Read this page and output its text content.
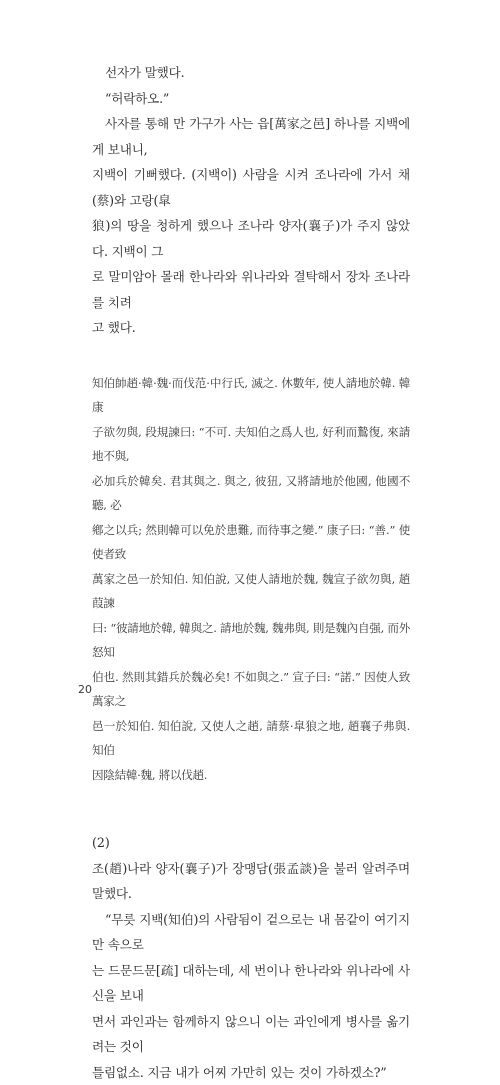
선자가 말했다.

“허락하오.”

사자를 통해 만 가구가 사는 읍[萬家之邑] 하나를 지백에게 보내니,

지백이 기뻐했다. (지백이) 사람을 시켜 조나라에 가서 채(蔡)와 고랑(皐

狼)의 땅을 청하게 했으나 조나라 양자(襄子)가 주지 않았다. 지백이 그

로 말미암아 몰래 한나라와 위나라와 결탁해서 장차 조나라를 치려

고 했다.

知伯帥趙·韓·魏·而伐范·中行氏, 滅之. 休數年, 使人請地於韓. 韓康

子欲勿與, 段規諫曰: “不可. 夫知伯之爲人也, 好利而鷙復, 來請地不與,

必加兵於韓矣. 君其與之. 與之, 彼狃, 又將請地於他國, 他國不聽, 必

鄕之以兵; 然則韓可以免於患難, 而待事之變.” 康子曰: “善.” 使使者致

萬家之邑一於知伯. 知伯說, 又使人請地於魏, 魏宣子欲勿與, 趙葭諫

曰: “彼請地於韓, 韓與之. 請地於魏, 魏弗與, 則是魏內自强, 而外怒知

伯也. 然則其錯兵於魏必矣! 不如與之.” 宣子曰: “諾.” 因使人致萬家之

邑一於知伯. 知伯說, 又使人之趙, 請蔡·皐狼之地, 趙襄子弗與. 知伯

因陰結韓·魏, 將以伐趙.

(2)

조(趙)나라 양자(襄子)가 장맹담(張孟談)을 불러 알려주며 말했다.

“무릇 지백(知伯)의 사람됨이 겉으로는 내 몸같이 여기지만 속으로

는 드문드문[疏] 대하는데, 세 번이나 한나라와 위나라에 사신을 보내

면서 과인과는 함께하지 않으니 이는 과인에게 병사를 옮기려는 것이

틀림없소. 지금 내가 어찌 가만히 있는 것이 가하겠소?”

20
